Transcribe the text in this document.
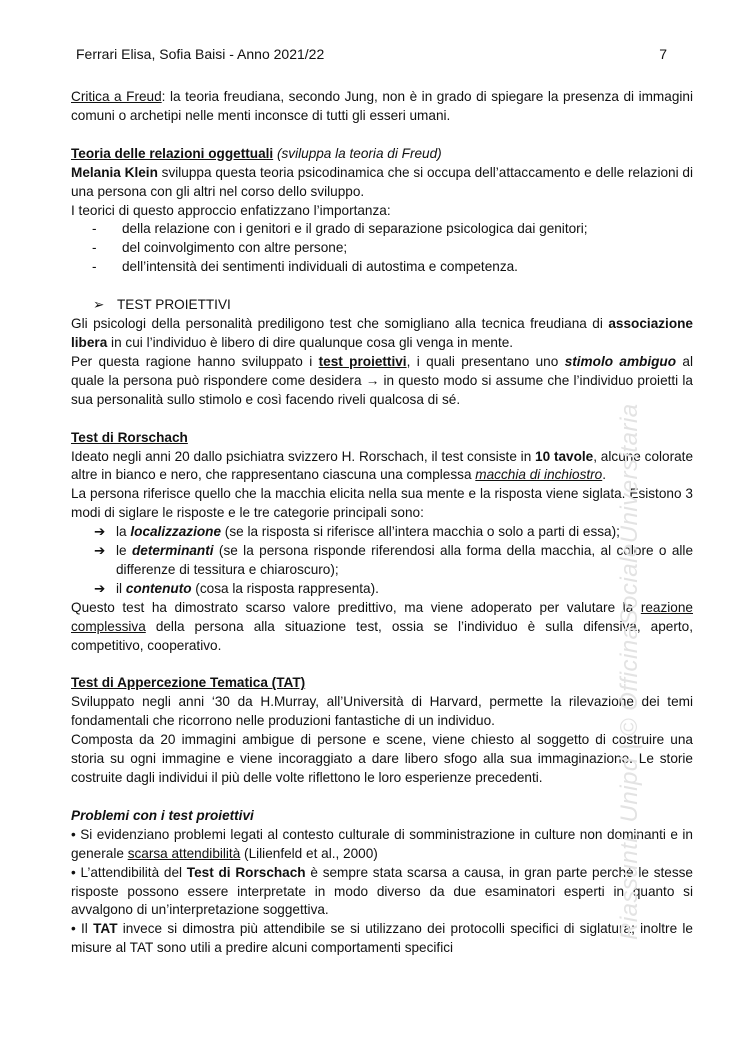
Ferrari Elisa, Sofia Baisi - Anno 2021/22	7

Critica a Freud: la teoria freudiana, secondo Jung, non è in grado di spiegare la presenza di immagini comuni o archetipi nelle menti inconsce di tutti gli esseri umani.

Teoria delle relazioni oggettuali (sviluppa la teoria di Freud)

Melania Klein sviluppa questa teoria psicodinamica che si occupa dell’attaccamento e delle relazioni di una persona con gli altri nel corso dello sviluppo.

I teorici di questo approccio enfatizzano l’importanza:

- della relazione con i genitori e il grado di separazione psicologica dai genitori;
- del coinvolgimento con altre persone;
- dell’intensità dei sentimenti individuali di autostima e competenza.

➢ TEST PROIETTIVI

Gli psicologi della personalità prediligono test che somigliano alla tecnica freudiana di associazione libera in cui l’individuo è libero di dire qualunque cosa gli venga in mente.

Per questa ragione hanno sviluppato i test proiettivi, i quali presentano uno stimolo ambiguo al quale la persona può rispondere come desidera → in questo modo si assume che l’individuo proietti la sua personalità sullo stimolo e così facendo riveli qualcosa di sé.

Test di Rorschach

Ideato negli anni 20 dallo psichiatra svizzero H. Rorschach, il test consiste in 10 tavole, alcune colorate altre in bianco e nero, che rappresentano ciascuna una complessa macchia di inchiostro.

La persona riferisce quello che la macchia elicita nella sua mente e la risposta viene siglata. Esistono 3 modi di siglare le risposte e le tre categorie principali sono:

➔ la localizzazione (se la risposta si riferisce all’intera macchia o solo a parti di essa);
➔ le determinanti (se la persona risponde riferendosi alla forma della macchia, al colore o alle differenze di tessitura e chiaroscuro);
➔ il contenuto (cosa la risposta rappresenta).

Questo test ha dimostrato scarso valore predittivo, ma viene adoperato per valutare la reazione complessiva della persona alla situazione test, ossia se l’individuo è sulla difensiva, aperto, competitivo, cooperativo.

Test di Appercezione Tematica (TAT)

Sviluppato negli anni ‘30 da H.Murray, all’Università di Harvard, permette la rilevazione dei temi fondamentali che ricorrono nelle produzioni fantastiche di un individuo.

Composta da 20 immagini ambigue di persone e scene, viene chiesto al soggetto di costruire una storia su ogni immagine e viene incoraggiato a dare libero sfogo alla sua immaginazione. Le storie costruite dagli individui il più delle volte riflettono le loro esperienze precedenti.

Problemi con i test proiettivi

• Si evidenziano problemi legati al contesto culturale di somministrazione in culture non dominanti e in generale scarsa attendibilità (Lilienfeld et al., 2000)

• L’attendibilità del Test di Rorschach è sempre stata scarsa a causa, in gran parte perché le stesse risposte possono essere interpretate in modo diverso da due esaminatori esperti in quanto si avvalgono di un’interpretazione soggettiva.

• Il TAT invece si dimostra più attendibile se si utilizzano dei protocolli specifici di siglatura; inoltre le misure al TAT sono utili a predire alcuni comportamenti specifici

Riassunti, Unipd | © OfficinaSocialeUniversitaria
